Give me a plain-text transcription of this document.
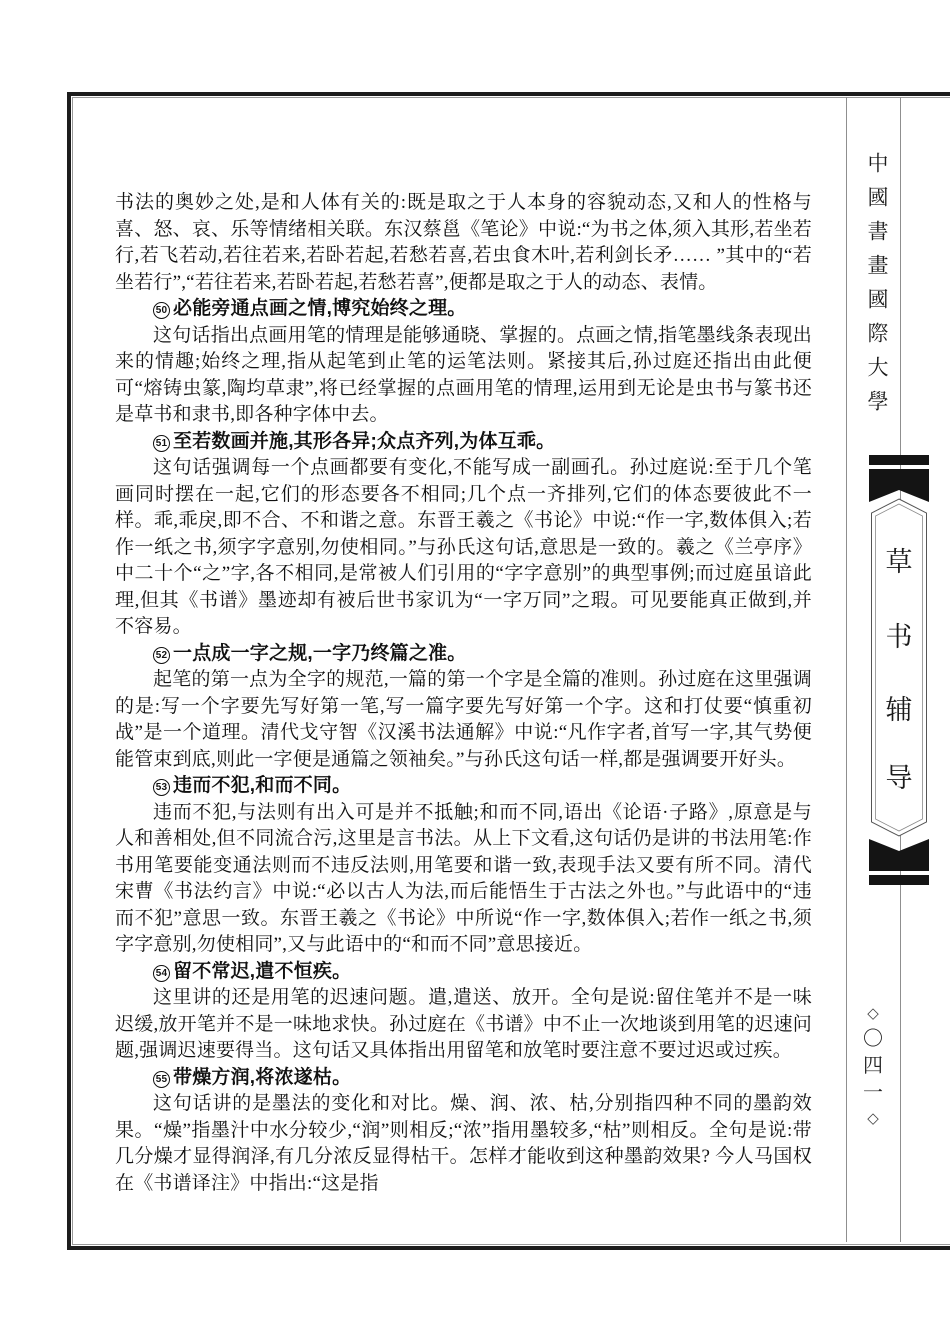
书法的奥妙之处,是和人体有关的:既是取之于人本身的容貌动态,又和人的性格与喜、怒、哀、乐等情绪相关联。东汉蔡邕《笔论》中说:“为书之体,须入其形,若坐若行,若飞若动,若往若来,若卧若起,若愁若喜,若虫食木叶,若利剑长矛…… ”其中的“若坐若行”,“若往若来,若卧若起,若愁若喜”,便都是取之于人的动态、表情。

50 必能旁通点画之情,博究始终之理。

这句话指出点画用笔的情理是能够通晓、掌握的。点画之情,指笔墨线条表现出来的情趣;始终之理,指从起笔到止笔的运笔法则。紧接其后,孙过庭还指出由此便可“熔铸虫篆,陶均草隶”,将已经掌握的点画用笔的情理,运用到无论是虫书与篆书还是草书和隶书,即各种字体中去。

51 至若数画并施,其形各异;众点齐列,为体互乖。

这句话强调每一个点画都要有变化,不能写成一副画孔。孙过庭说:至于几个笔画同时摆在一起,它们的形态要各不相同;几个点一齐排列,它们的体态要彼此不一样。乖,乖戾,即不合、不和谐之意。东晋王羲之《书论》中说:“作一字,数体俱入;若作一纸之书,须字字意别,勿使相同。”与孙氏这句话,意思是一致的。羲之《兰亭序》中二十个“之”字,各不相同,是常被人们引用的“字字意别”的典型事例;而过庭虽谙此理,但其《书谱》墨迹却有被后世书家讥为“一字万同”之瑕。可见要能真正做到,并不容易。

52 一点成一字之规,一字乃终篇之准。

起笔的第一点为全字的规范,一篇的第一个字是全篇的准则。孙过庭在这里强调的是:写一个字要先写好第一笔,写一篇字要先写好第一个字。这和打仗要“慎重初战”是一个道理。清代戈守智《汉溪书法通解》中说:“凡作字者,首写一字,其气势便能管束到底,则此一字便是通篇之领袖矣。”与孙氏这句话一样,都是强调要开好头。

53 违而不犯,和而不同。

违而不犯,与法则有出入可是并不抵触;和而不同,语出《论语·子路》,原意是与人和善相处,但不同流合污,这里是言书法。从上下文看,这句话仍是讲的书法用笔:作书用笔要能变通法则而不违反法则,用笔要和谐一致,表现手法又要有所不同。清代宋曹《书法约言》中说:“必以古人为法,而后能悟生于古法之外也。”与此语中的“违而不犯”意思一致。东晋王羲之《书论》中所说“作一字,数体俱入;若作一纸之书,须字字意别,勿使相同”,又与此语中的“和而不同”意思接近。

54 留不常迟,遣不恒疾。

这里讲的还是用笔的迟速问题。遣,遣送、放开。全句是说:留住笔并不是一味迟缓,放开笔并不是一味地求快。孙过庭在《书谱》中不止一次地谈到用笔的迟速问题,强调迟速要得当。这句话又具体指出用留笔和放笔时要注意不要过迟或过疾。

55 带燥方润,将浓遂枯。

这句话讲的是墨法的变化和对比。燥、润、浓、枯,分别指四种不同的墨韵效果。“燥”指墨汁中水分较少,“润”则相反;“浓”指用墨较多,“枯”则相反。全句是说:带几分燥才显得润泽,有几分浓反显得枯干。怎样才能收到这种墨韵效果? 今人马国权在《书谱译注》中指出:“这是指

中國書畫國際大學
草
书
辅
导
◇
〇
四
一
◇
